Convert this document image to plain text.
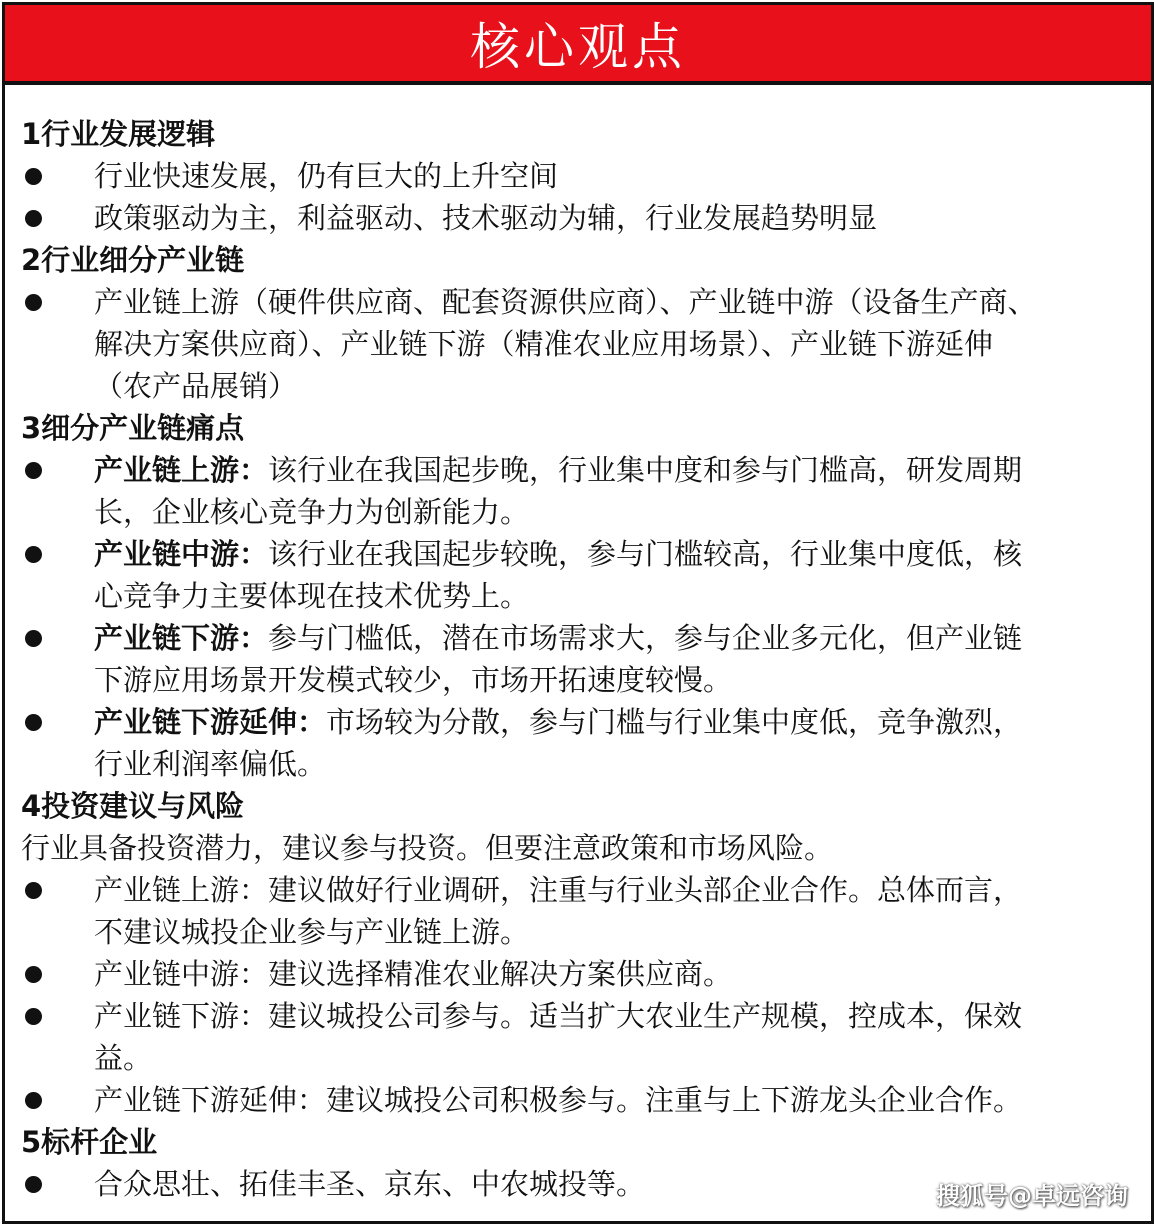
核心观点
1行业发展逻辑
行业快速发展，仍有巨大的上升空间
政策驱动为主，利益驱动、技术驱动为辅，行业发展趋势明显
2行业细分产业链
产业链上游（硬件供应商、配套资源供应商）、产业链中游（设备生产商、
解决方案供应商）、产业链下游（精准农业应用场景）、产业链下游延伸
（农产品展销）
3细分产业链痛点
产业链上游：该行业在我国起步晚，行业集中度和参与门槛高，研发周期
长，企业核心竞争力为创新能力。
产业链中游：该行业在我国起步较晚，参与门槛较高，行业集中度低，核
心竞争力主要体现在技术优势上。
产业链下游：参与门槛低，潜在市场需求大，参与企业多元化，但产业链
下游应用场景开发模式较少，市场开拓速度较慢。
产业链下游延伸：市场较为分散，参与门槛与行业集中度低，竞争激烈，
行业利润率偏低。
4投资建议与风险
行业具备投资潜力，建议参与投资。但要注意政策和市场风险。
产业链上游：建议做好行业调研，注重与行业头部企业合作。总体而言，
不建议城投企业参与产业链上游。
产业链中游：建议选择精准农业解决方案供应商。
产业链下游：建议城投公司参与。适当扩大农业生产规模，控成本，保效
益。
产业链下游延伸：建议城投公司积极参与。注重与上下游龙头企业合作。
5标杆企业
合众思壮、拓佳丰圣、京东、中农城投等。	搜狐号@卓远咨询
